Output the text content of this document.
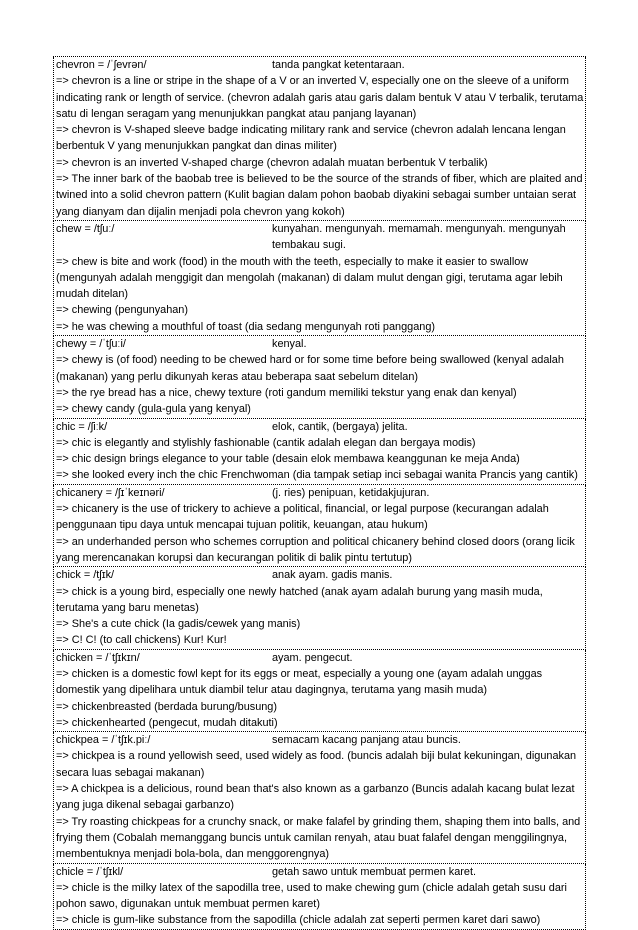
chevron = /ˈʃevrən/	tanda pangkat ketentaraan.
=> chevron is a line or stripe in the shape of a V or an inverted V, especially one on the sleeve of a uniform indicating rank or length of service. (chevron adalah garis atau garis dalam bentuk V atau V terbalik, terutama satu di lengan seragam yang menunjukkan pangkat atau panjang layanan)
=> chevron is V-shaped sleeve badge indicating military rank and service (chevron adalah lencana lengan berbentuk V yang menunjukkan pangkat dan dinas militer)
=> chevron is an inverted V-shaped charge (chevron adalah muatan berbentuk V terbalik)
=> The inner bark of the baobab tree is believed to be the source of the strands of fiber, which are plaited and twined into a solid chevron pattern (Kulit bagian dalam pohon baobab diyakini sebagai sumber untaian serat yang dianyam dan dijalin menjadi pola chevron yang kokoh)
chew = /tʃuː/	kunyahan. mengunyah. memamah. mengunyah. mengunyah tembakau sugi.
=> chew is bite and work (food) in the mouth with the teeth, especially to make it easier to swallow (mengunyah adalah menggigit dan mengolah (makanan) di dalam mulut dengan gigi, terutama agar lebih mudah ditelan)
=> chewing (pengunyahan)
=> he was chewing a mouthful of toast (dia sedang mengunyah roti panggang)
chewy = /ˈtʃuːi/	kenyal.
=> chewy is (of food) needing to be chewed hard or for some time before being swallowed (kenyal adalah (makanan) yang perlu dikunyah keras atau beberapa saat sebelum ditelan)
=> the rye bread has a nice, chewy texture (roti gandum memiliki tekstur yang enak dan kenyal)
=> chewy candy (gula-gula yang kenyal)
chic = /ʃiːk/	elok, cantik, (bergaya) jelita.
=> chic is elegantly and stylishly fashionable (cantik adalah elegan dan bergaya modis)
=> chic design brings elegance to your table (desain elok membawa keanggunan ke meja Anda)
=> she looked every inch the chic Frenchwoman (dia tampak setiap inci sebagai wanita Prancis yang cantik)
chicanery = /ʃɪˈkeɪnəri/	(j. ries) penipuan, ketidakjujuran.
=> chicanery is the use of trickery to achieve a political, financial, or legal purpose (kecurangan adalah penggunaan tipu daya untuk mencapai tujuan politik, keuangan, atau hukum)
=> an underhanded person who schemes corruption and political chicanery behind closed doors (orang licik yang merencanakan korupsi dan kecurangan politik di balik pintu tertutup)
chick = /tʃɪk/	anak ayam. gadis manis.
=> chick is a young bird, especially one newly hatched (anak ayam adalah burung yang masih muda, terutama yang baru menetas)
=> She's a cute chick (Ia gadis/cewek yang manis)
=> C! C! (to call chickens) Kur! Kur!
chicken = /ˈtʃɪkɪn/	ayam. pengecut.
=> chicken is a domestic fowl kept for its eggs or meat, especially a young one (ayam adalah unggas domestik yang dipelihara untuk diambil telur atau dagingnya, terutama yang masih muda)
=> chickenbreasted (berdada burung/busung)
=> chickenhearted (pengecut, mudah ditakuti)
chickpea = /ˈtʃɪk.piː/	semacam kacang panjang atau buncis.
=> chickpea is a round yellowish seed, used widely as food. (buncis adalah biji bulat kekuningan, digunakan secara luas sebagai makanan)
=> A chickpea is a delicious, round bean that's also known as a garbanzo (Buncis adalah kacang bulat lezat yang juga dikenal sebagai garbanzo)
=> Try roasting chickpeas for a crunchy snack, or make falafel by grinding them, shaping them into balls, and frying them (Cobalah memanggang buncis untuk camilan renyah, atau buat falafel dengan menggilingnya, membentuknya menjadi bola-bola, dan menggorengnya)
chicle = /ˈtʃɪkl/	getah sawo untuk membuat permen karet.
=> chicle is the milky latex of the sapodilla tree, used to make chewing gum (chicle adalah getah susu dari pohon sawo, digunakan untuk membuat permen karet)
=> chicle is gum-like substance from the sapodilla (chicle adalah zat seperti permen karet dari sawo)
